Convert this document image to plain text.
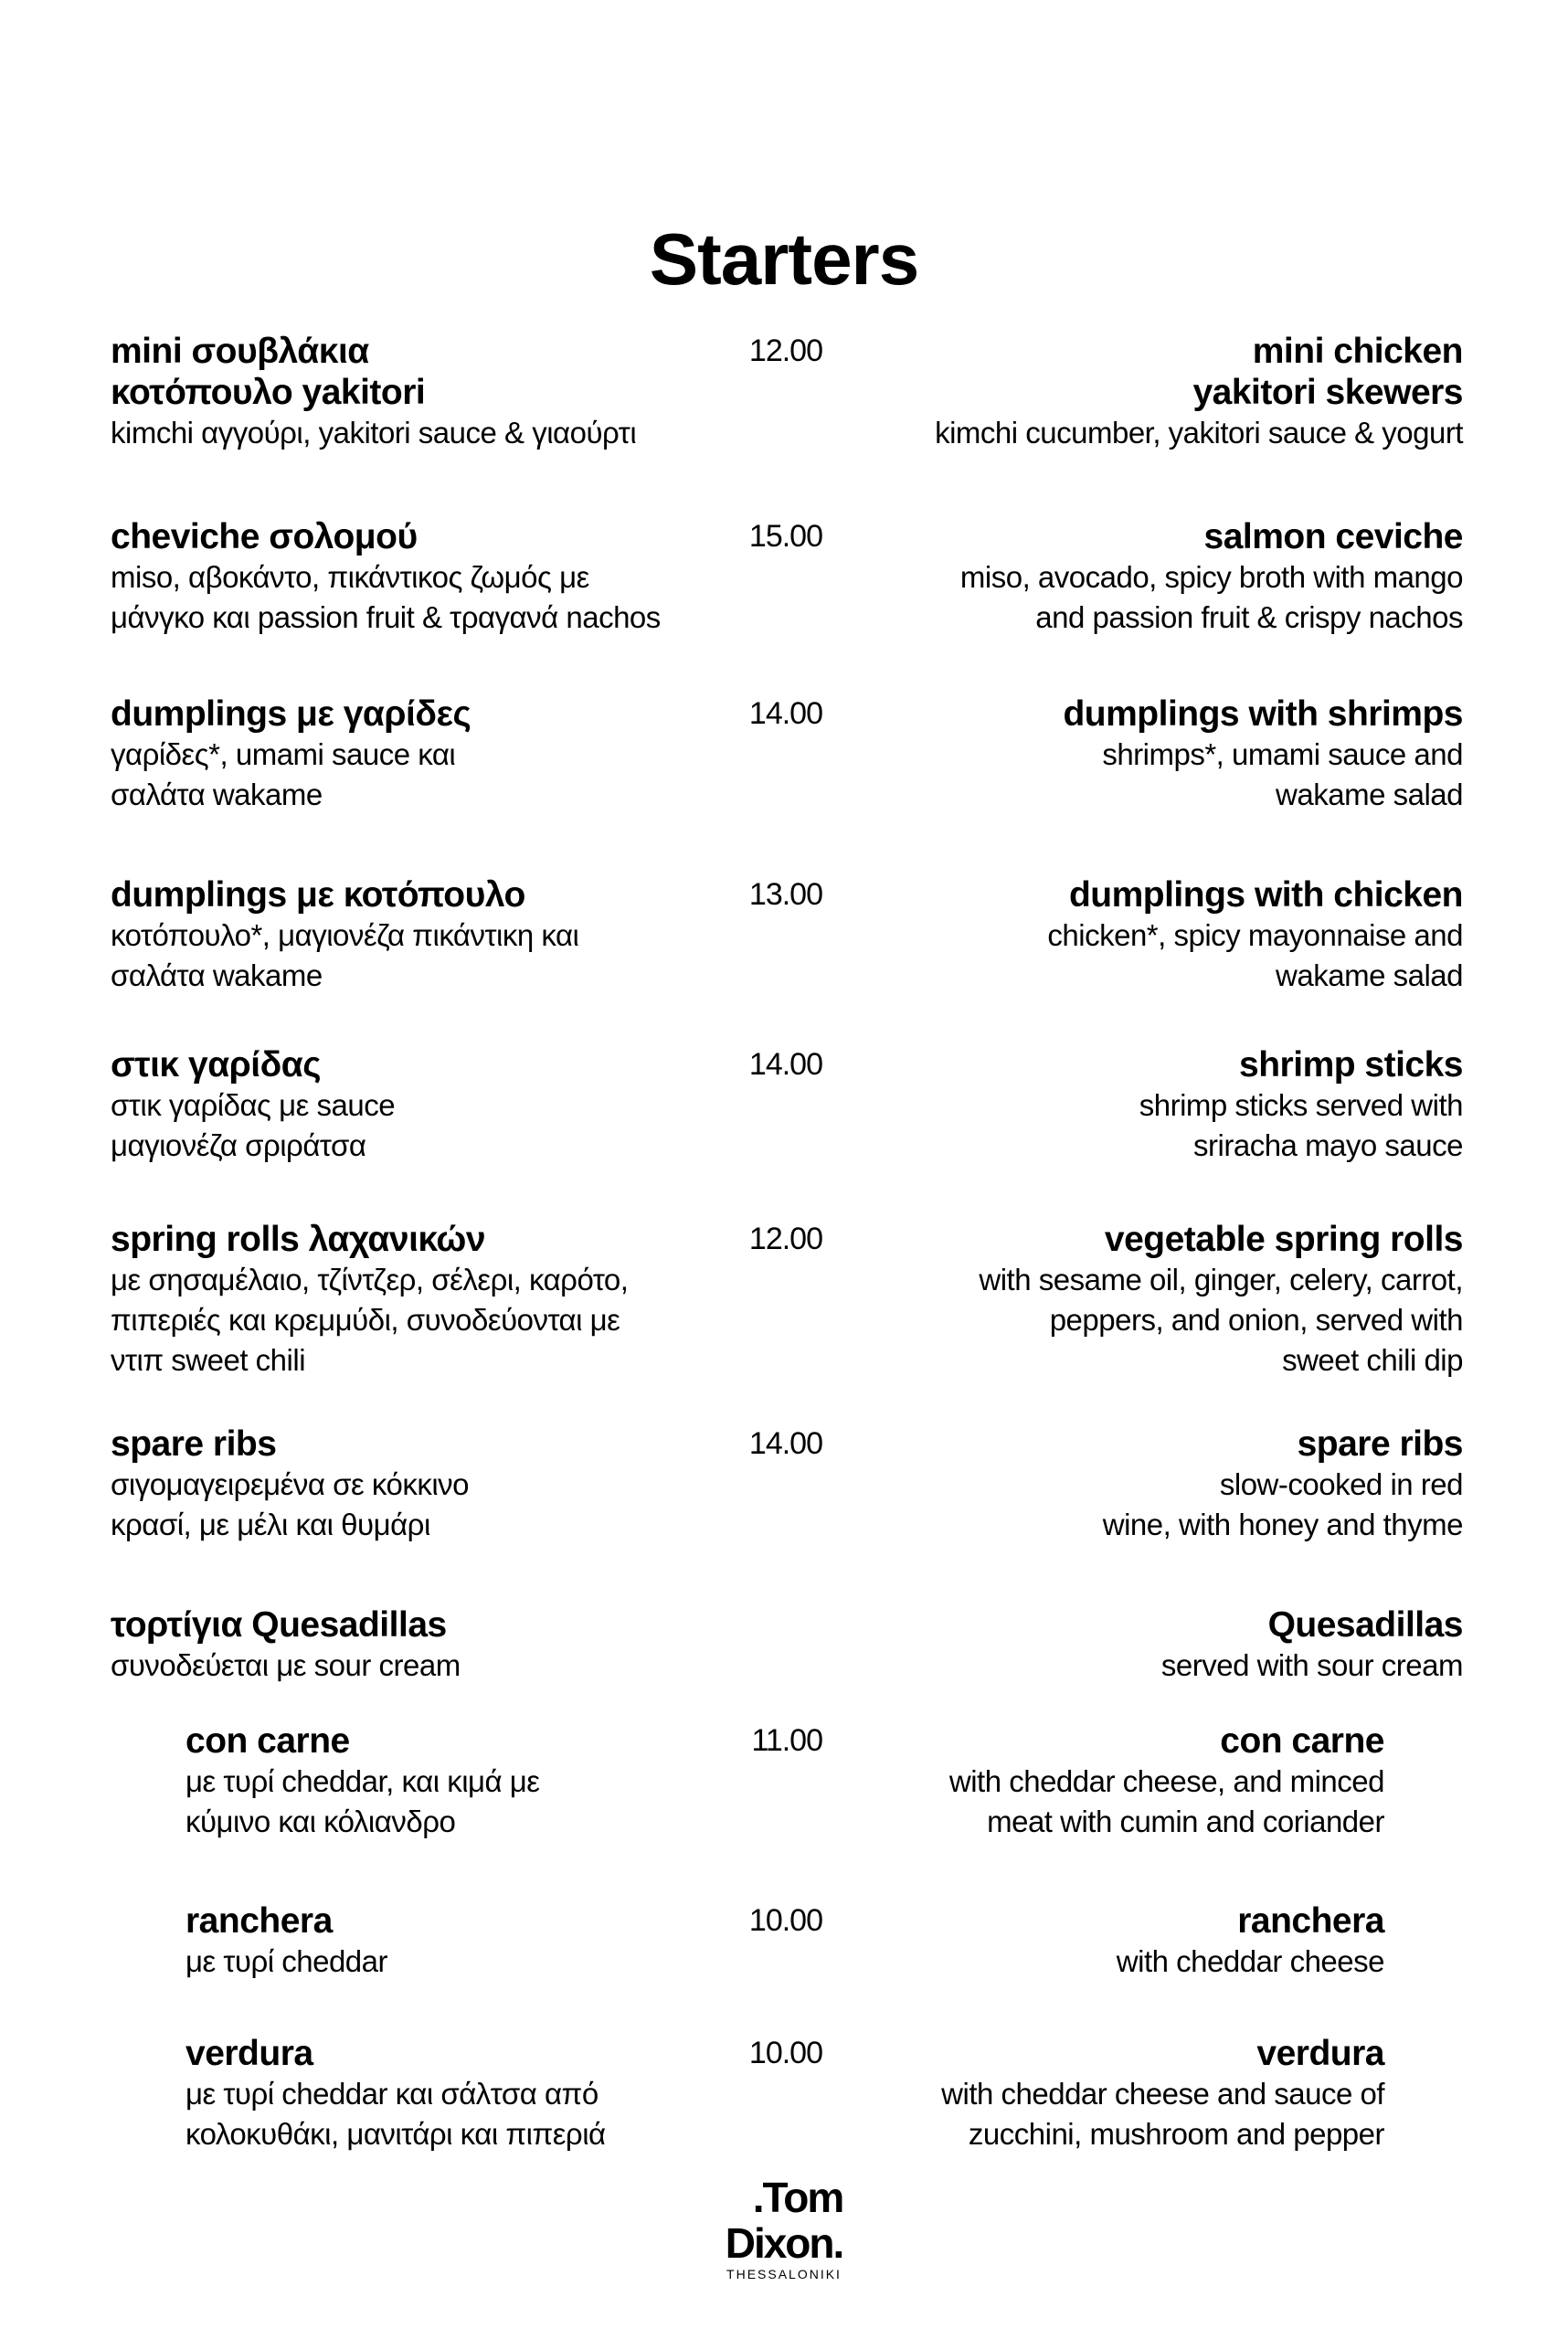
Starters
mini σουβλάκια
κοτόπουλο yakitori
kimchi αγγούρι, yakitori sauce & γιαούρτι
mini chicken
yakitori skewers
kimchi cucumber, yakitori sauce & yogurt
12.00
cheviche σολομού
miso, αβοκάντο, πικάντικος ζωμός με
μάνγκο και passion fruit & τραγανά nachos
salmon ceviche
miso, avocado, spicy broth with mango
and passion fruit & crispy nachos
15.00
dumplings με γαρίδες
γαρίδες*, umami sauce και
σαλάτα wakame
dumplings with shrimps
shrimps*, umami sauce and
wakame salad
14.00
dumplings με κοτόπουλο
κοτόπουλο*, μαγιονέζα πικάντικη και
σαλάτα wakame
dumplings with chicken
chicken*, spicy mayonnaise and
wakame salad
13.00
στικ γαρίδας
στικ γαρίδας με sauce
μαγιονέζα σριράτσα
shrimp sticks
shrimp sticks served with
sriracha mayo sauce
14.00
spring rolls λαχανικών
με σησαμέλαιο, τζίντζερ, σέλερι, καρότο,
πιπεριές και κρεμμύδι, συνοδεύονται με
ντιπ sweet chili
vegetable spring rolls
with sesame oil, ginger, celery, carrot,
peppers, and onion, served with
sweet chili dip
12.00
spare ribs
σιγομαγειρεμένα σε κόκκινο
κρασί, με μέλι και θυμάρι
spare ribs
slow-cooked in red
wine, with honey and thyme
14.00
τορτίγια Quesadillas
συνοδεύεται με sour cream
Quesadillas
served with sour cream
con carne
με τυρί cheddar, και κιμά με
κύμινο και κόλιανδρο
con carne
with cheddar cheese, and minced
meat with cumin and coriander
11.00
ranchera
με τυρί cheddar
ranchera
with cheddar cheese
10.00
verdura
με τυρί cheddar και σάλτσα από
κολοκυθάκι, μανιτάρι και πιπεριά
verdura
with cheddar cheese and sauce of
zucchini, mushroom and pepper
10.00
.Tom
Dixon.
THESSALONIKI
